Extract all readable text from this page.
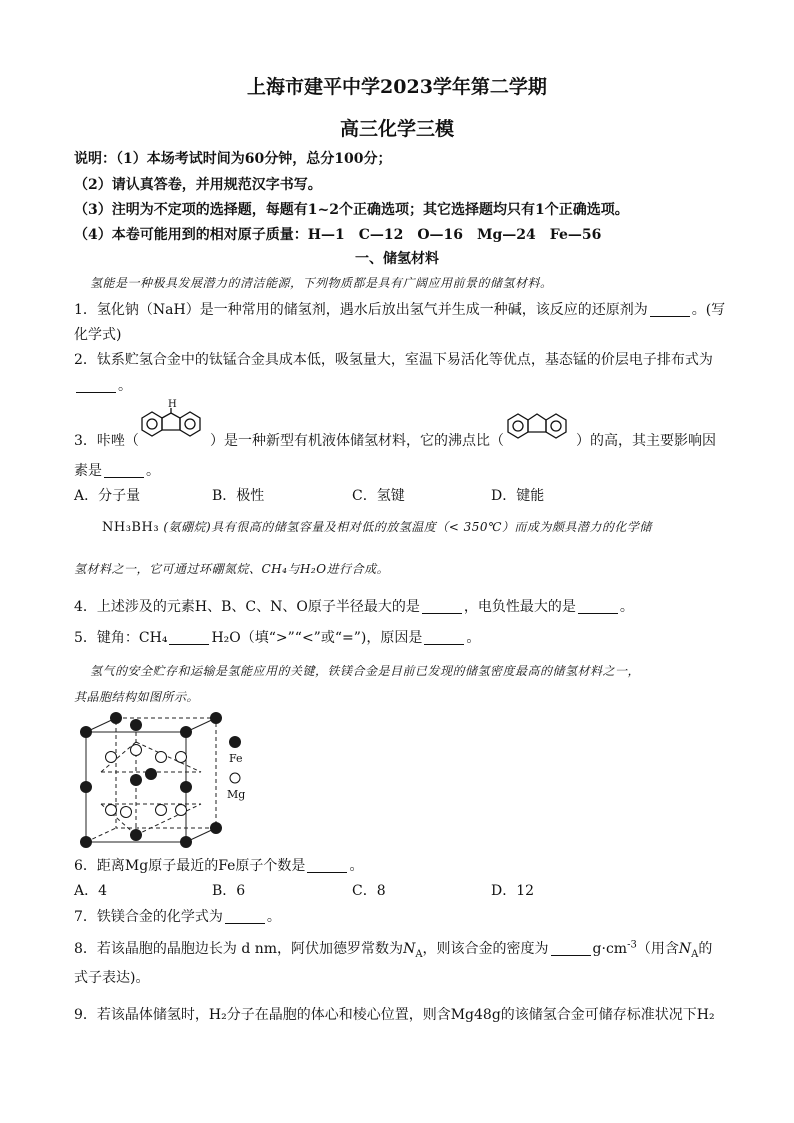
上海市建平中学2023学年第二学期
高三化学三模
说明：（1）本场考试时间为60分钟，总分100分；
（2）请认真答卷，并用规范汉字书写。
（3）注明为不定项的选择题，每题有1~2个正确选项；其它选择题均只有1个正确选项。
（4）本卷可能用到的相对原子质量：H—1　C—12　O—16　Mg—24　Fe—56
一、储氢材料
氢能是一种极具发展潜力的清洁能源，下列物质都是具有广阔应用前景的储氢材料。
1．氢化钠（NaH）是一种常用的储氢剂，遇水后放出氢气并生成一种碱，该反应的还原剂为	。(写
化学式)
2．钛系贮氢合金中的钛锰合金具成本低，吸氢量大，室温下易活化等优点，基态锰的价层电子排布式为
。
3．咔唑（
H
）是一种新型有机液体储氢材料，它的沸点比（	）的高，其主要影响因
素是	。
A．分子量	B．极性	C．氢键	D．键能
NH₃BH₃ (氨硼烷)具有很高的储氢容量及相对低的放氢温度（< 350℃）而成为颇具潜力的化学储
氢材料之一，它可通过环硼氮烷、CH₄与H₂O进行合成。
4．上述涉及的元素H、B、C、N、O原子半径最大的是	，电负性最大的是	。
5．键角：CH₄	H₂O（填“>”“<”或“=”)，原因是	。
氢气的安全贮存和运输是氢能应用的关键，铁镁合金是目前已发现的储氢密度最高的储氢材料之一，
其晶胞结构如图所示。
Fe
Mg
6．距离Mg原子最近的Fe原子个数是	。
A．4	B．6	C．8	D．12
7．铁镁合金的化学式为	。
8．若该晶胞的晶胞边长为 d nm，阿伏加德罗常数为$N_A$，则该合金的密度为	$g\cdot cm^{-3}$（用含$N_A$的
式子表达)。
9．若该晶体储氢时，H₂分子在晶胞的体心和棱心位置，则含Mg48g的该储氢合金可储存标准状况下H₂
